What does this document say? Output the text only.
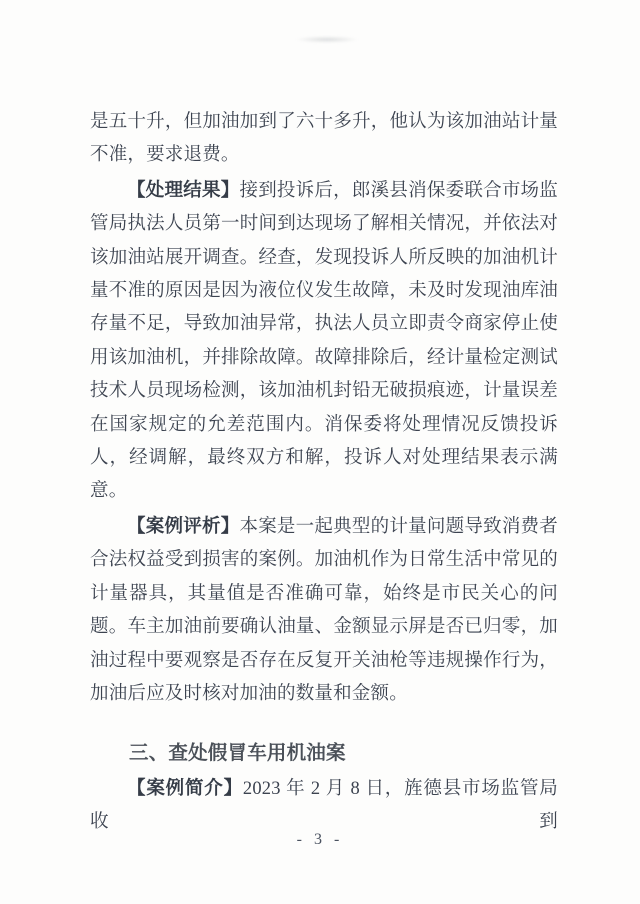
是五十升，但加油加到了六十多升，他认为该加油站计量不准，要求退费。

【处理结果】接到投诉后，郎溪县消保委联合市场监管局执法人员第一时间到达现场了解相关情况，并依法对该加油站展开调查。经查，发现投诉人所反映的加油机计量不准的原因是因为液位仪发生故障，未及时发现油库油存量不足，导致加油异常，执法人员立即责令商家停止使用该加油机，并排除故障。故障排除后，经计量检定测试技术人员现场检测，该加油机封铅无破损痕迹，计量误差在国家规定的允差范围内。消保委将处理情况反馈投诉人，经调解，最终双方和解，投诉人对处理结果表示满意。

【案例评析】本案是一起典型的计量问题导致消费者合法权益受到损害的案例。加油机作为日常生活中常见的计量器具，其量值是否准确可靠，始终是市民关心的问题。车主加油前要确认油量、金额显示屏是否已归零，加油过程中要观察是否存在反复开关油枪等违规操作行为，加油后应及时核对加油的数量和金额。

三、查处假冒车用机油案

【案例简介】2023 年 2 月 8 日，旌德县市场监管局收到

- 3 -
